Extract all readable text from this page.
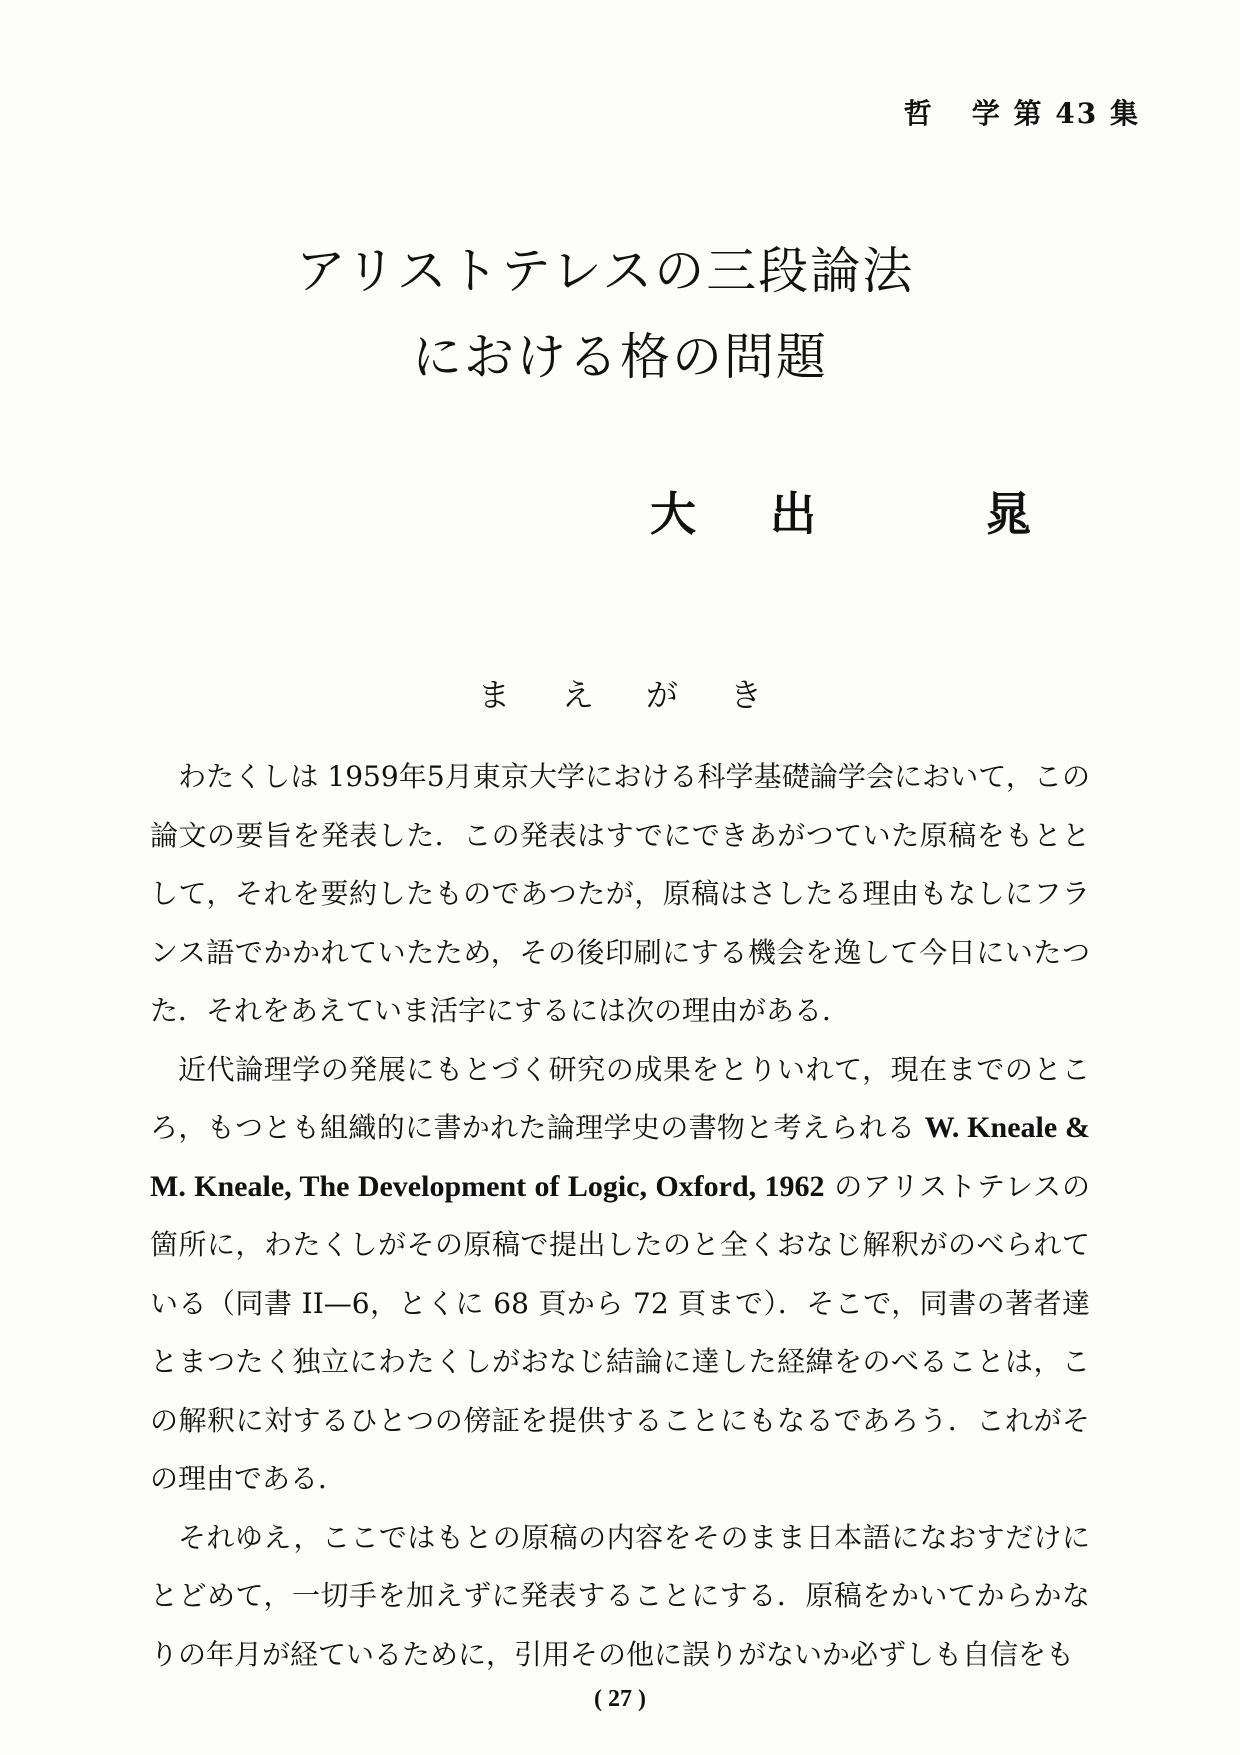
哲 学 第 43 集
アリストテレスの三段論法
における格の問題
大 出	晁
まえがき

わたくしは 1959年5月東京大学における科学基礎論学会において，この論文の要旨を発表した．この発表はすでにできあがつていた原稿をもととして，それを要約したものであつたが，原稿はさしたる理由もなしにフランス語でかかれていたため，その後印刷にする機会を逸して今日にいたつた．それをあえていま活字にするには次の理由がある．

近代論理学の発展にもとづく研究の成果をとりいれて，現在までのところ，もつとも組織的に書かれた論理学史の書物と考えられる W. Kneale & M. Kneale, The Development of Logic, Oxford, 1962 のアリストテレスの箇所に，わたくしがその原稿で提出したのと全くおなじ解釈がのべられている（同書 II—6，とくに 68 頁から 72 頁まで）．そこで，同書の著者達とまつたく独立にわたくしがおなじ結論に達した経緯をのべることは，この解釈に対するひとつの傍証を提供することにもなるであろう．これがその理由である．

それゆえ，ここではもとの原稿の内容をそのまま日本語になおすだけにとどめて，一切手を加えずに発表することにする．原稿をかいてからかなりの年月が経ているために，引用その他に誤りがないか必ずしも自信をも

( 27 )
